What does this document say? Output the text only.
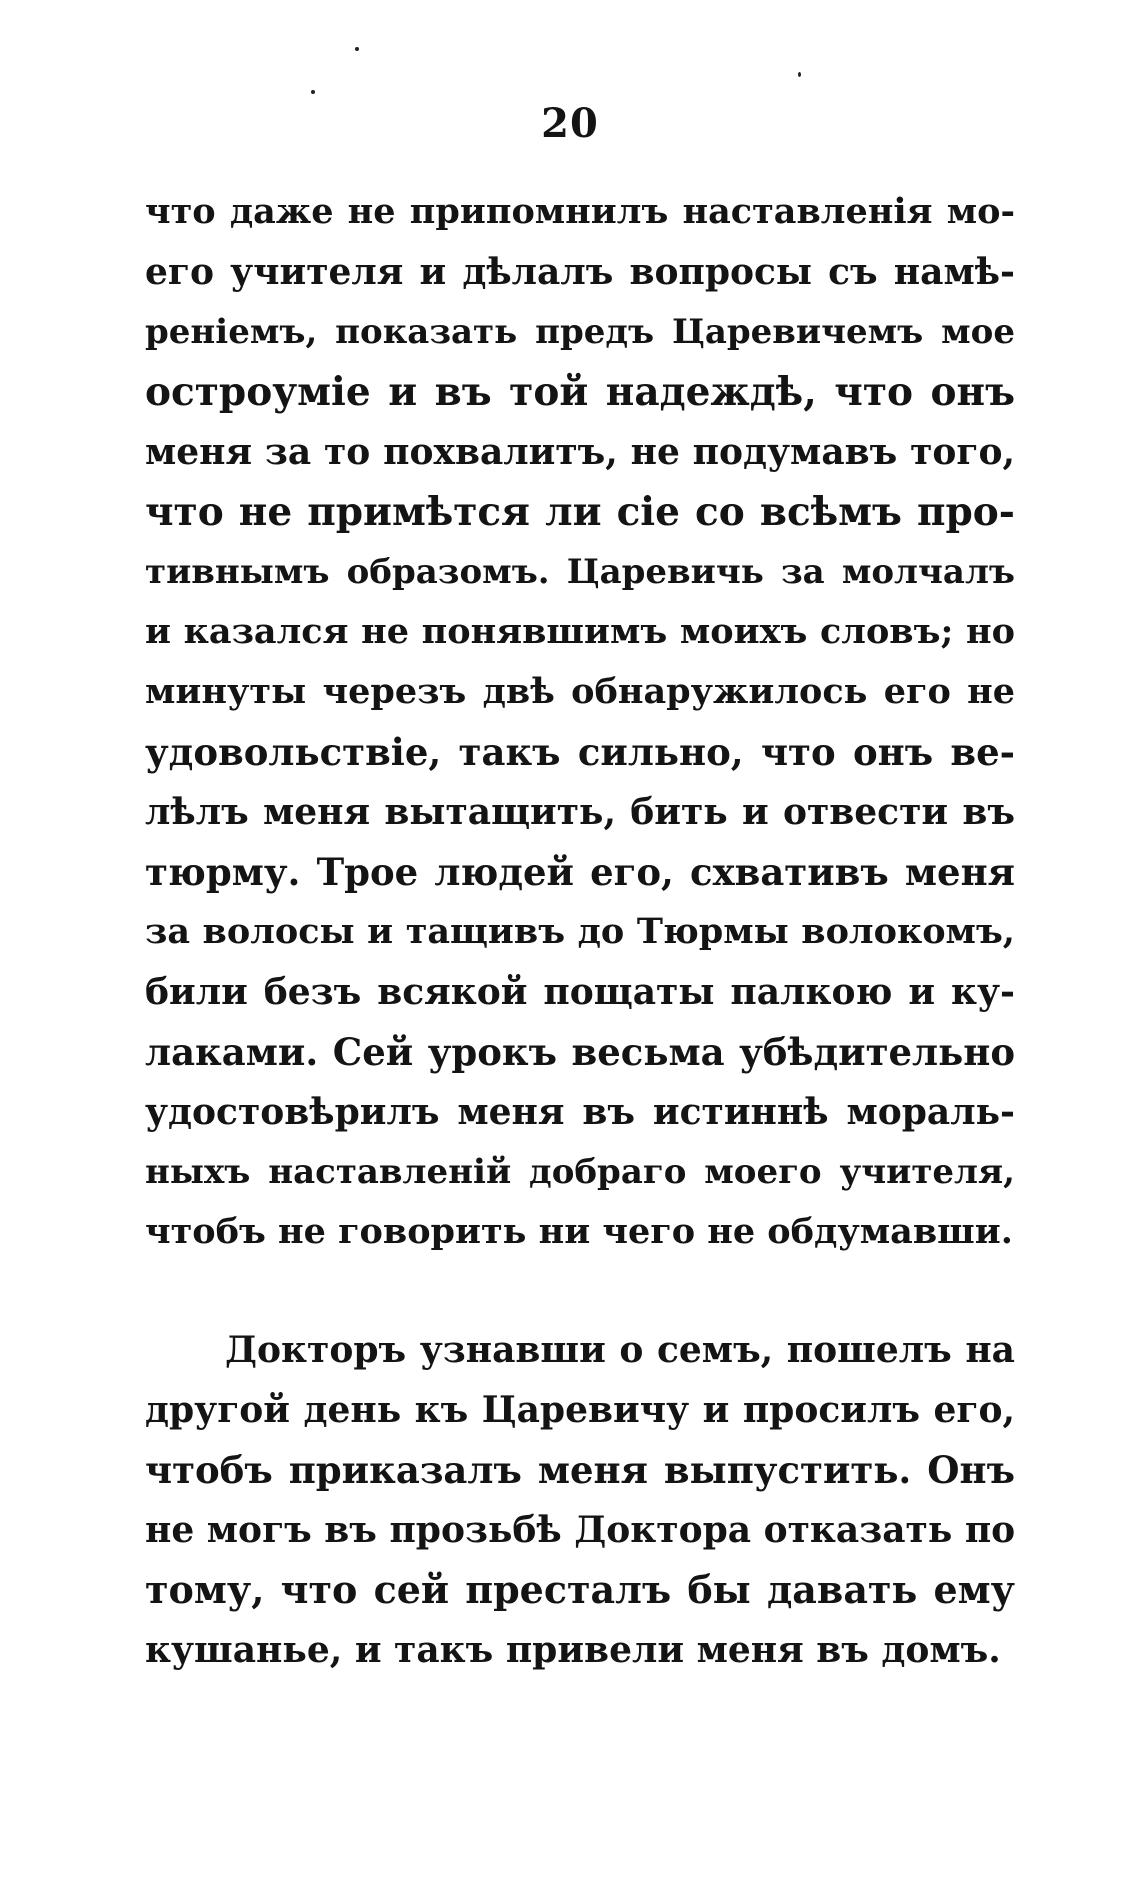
20
что даже не припомнилъ наставленія мо-
его учителя и дѣлалъ вопросы съ намѣ-
реніемъ, показать предъ Царевичемъ мое
остроуміе и въ той надеждѣ, что онъ
меня за то похвалитъ, не подумавъ того,
что не примѣтся ли сіе со всѣмъ про-
тивнымъ образомъ. Царевичь за молчалъ
и казался не понявшимъ моихъ словъ; но
минуты черезъ двѣ обнаружилось его не
удовольствіе, такъ сильно, что онъ ве-
лѣлъ меня вытащить, бить и отвести въ
тюрму. Трое людей его, схвативъ меня
за волосы и тащивъ до Тюрмы волокомъ,
били безъ всякой пощаты палкою и ку-
лаками. Сей урокъ весьма убѣдительно
удостовѣрилъ меня въ истиннѣ мораль-
ныхъ наставленій добраго моего учителя,
чтобъ не говорить ни чего не обдумавши.
Докторъ узнавши о семъ, пошелъ на
другой день къ Царевичу и просилъ его,
чтобъ приказалъ меня выпустить. Онъ
не могъ въ прозьбѣ Доктора отказать по
тому, что сей престалъ бы давать ему
кушанье, и такъ привели меня въ домъ.
